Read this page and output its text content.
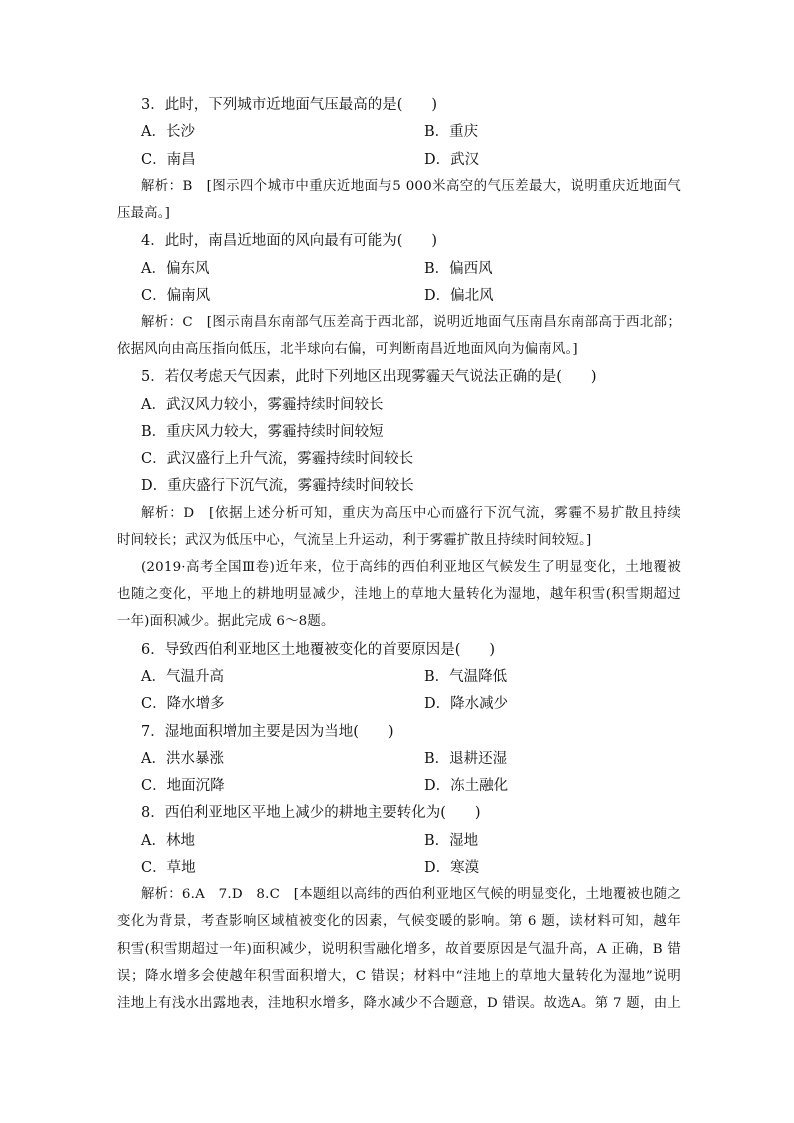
3．此时，下列城市近地面气压最高的是(　　)
A．长沙	B．重庆
C．南昌	D．武汉
解析：B　[图示四个城市中重庆近地面与5 000米高空的气压差最大，说明重庆近地面气
压最高。]
4．此时，南昌近地面的风向最有可能为(　　)
A．偏东风	B．偏西风
C．偏南风	D．偏北风
解析：C　[图示南昌东南部气压差高于西北部，说明近地面气压南昌东南部高于西北部；
依据风向由高压指向低压，北半球向右偏，可判断南昌近地面风向为偏南风。]
5．若仅考虑天气因素，此时下列地区出现雾霾天气说法正确的是(　　)
A．武汉风力较小，雾霾持续时间较长
B．重庆风力较大，雾霾持续时间较短
C．武汉盛行上升气流，雾霾持续时间较长
D．重庆盛行下沉气流，雾霾持续时间较长
解析：D　[依据上述分析可知，重庆为高压中心而盛行下沉气流，雾霾不易扩散且持续
时间较长；武汉为低压中心，气流呈上升运动，利于雾霾扩散且持续时间较短。]
(2019·高考全国Ⅲ卷)近年来，位于高纬的西伯利亚地区气候发生了明显变化，土地覆被
也随之变化，平地上的耕地明显减少，洼地上的草地大量转化为湿地，越年积雪(积雪期超过
一年)面积减少。据此完成 6～8题。
6．导致西伯利亚地区土地覆被变化的首要原因是(　　)
A．气温升高	B．气温降低
C．降水增多	D．降水减少
7．湿地面积增加主要是因为当地(　　)
A．洪水暴涨	B．退耕还湿
C．地面沉降	D．冻土融化
8．西伯利亚地区平地上减少的耕地主要转化为(　　)
A．林地	B．湿地
C．草地	D．寒漠
解析：6.A　7.D　8.C　[本题组以高纬的西伯利亚地区气候的明显变化，土地覆被也随之
变化为背景，考查影响区域植被变化的因素，气候变暖的影响。第 6 题，读材料可知，越年
积雪(积雪期超过一年)面积减少，说明积雪融化增多，故首要原因是气温升高，A 正确，B 错
误；降水增多会使越年积雪面积增大，C 错误；材料中“洼地上的草地大量转化为湿地”说明
洼地上有浅水出露地表，洼地积水增多，降水减少不合题意，D 错误。故选A。第 7 题，由上
